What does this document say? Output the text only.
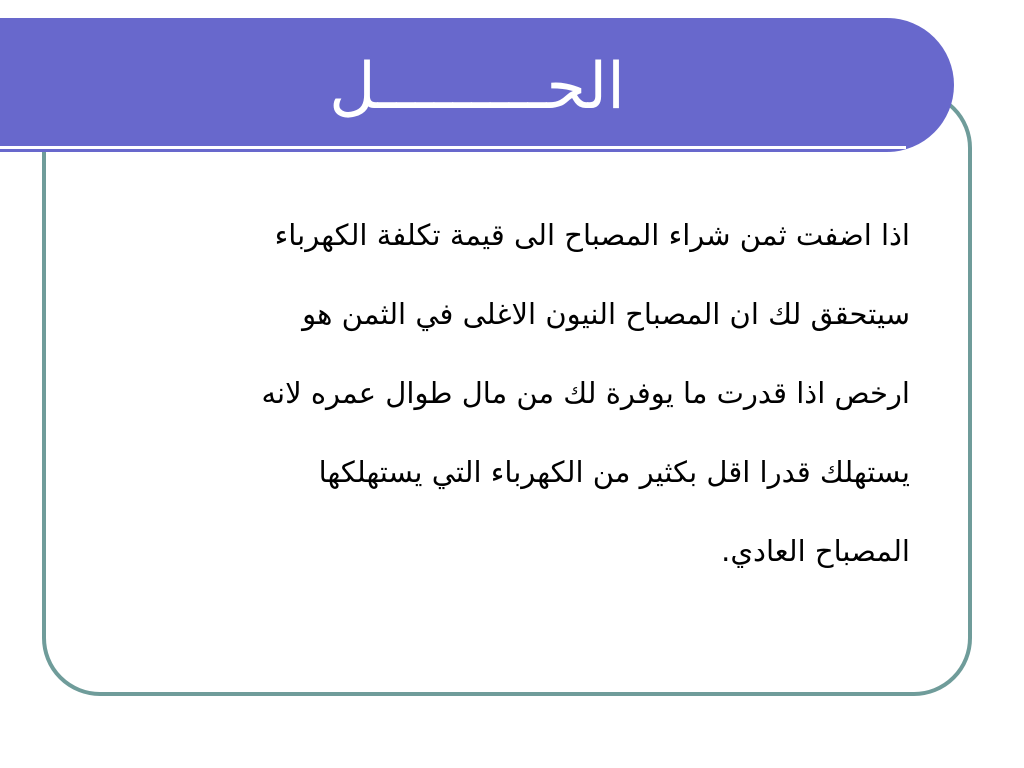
الحـــــــــل

اذا اضفت ثمن شراء المصباح الى قيمة تكلفة الكهرباء
سيتحقق لك ان المصباح النيون الاغلى في الثمن هو
ارخص اذا قدرت ما يوفرة لك من مال طوال عمره لانه
يستهلك قدرا اقل بكثير من الكهرباء التي يستهلكها
المصباح العادي.
